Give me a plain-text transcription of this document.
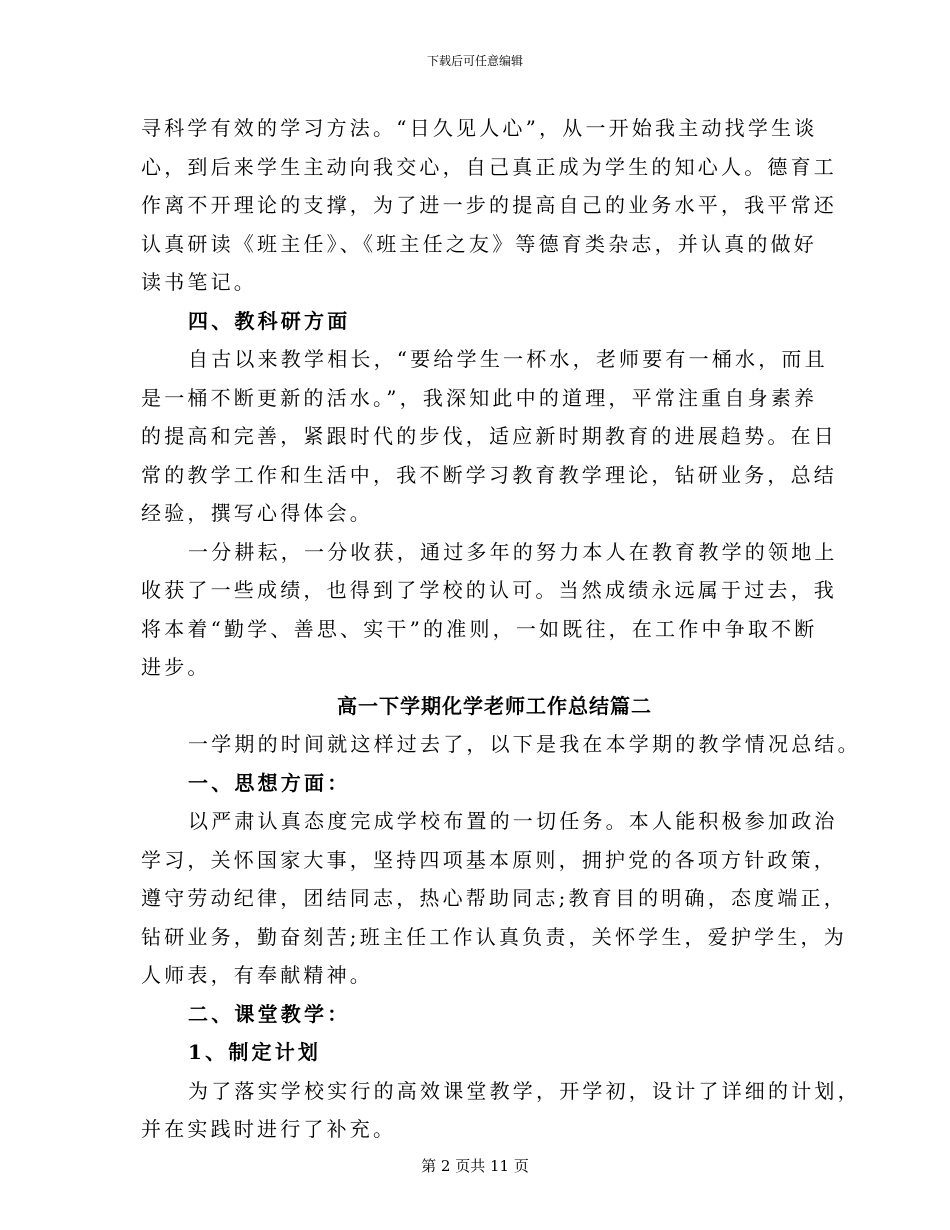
下载后可任意编辑

寻科学有效的学习方法。“日久见人心”，从一开始我主动找学生谈

心，到后来学生主动向我交心，自己真正成为学生的知心人。德育工

作离不开理论的支撑，为了进一步的提高自己的业务水平，我平常还

认真研读《班主任》、《班主任之友》等德育类杂志，并认真的做好

读书笔记。

四、教科研方面

自古以来教学相长，“要给学生一杯水，老师要有一桶水，而且

是一桶不断更新的活水。”，我深知此中的道理，平常注重自身素养

的提高和完善，紧跟时代的步伐，适应新时期教育的进展趋势。在日

常的教学工作和生活中，我不断学习教育教学理论，钻研业务，总结

经验，撰写心得体会。

一分耕耘，一分收获，通过多年的努力本人在教育教学的领地上

收获了一些成绩，也得到了学校的认可。当然成绩永远属于过去，我

将本着“勤学、善思、实干”的准则，一如既往，在工作中争取不断

进步。

高一下学期化学老师工作总结篇二

一学期的时间就这样过去了，以下是我在本学期的教学情况总结。

一、思想方面：

以严肃认真态度完成学校布置的一切任务。本人能积极参加政治

学习，关怀国家大事，坚持四项基本原则，拥护党的各项方针政策，

遵守劳动纪律，团结同志，热心帮助同志;教育目的明确，态度端正，

钻研业务，勤奋刻苦;班主任工作认真负责，关怀学生，爱护学生，为

人师表，有奉献精神。

二、课堂教学：

1、制定计划

为了落实学校实行的高效课堂教学，开学初，设计了详细的计划，

并在实践时进行了补充。

第 2 页共 11 页
